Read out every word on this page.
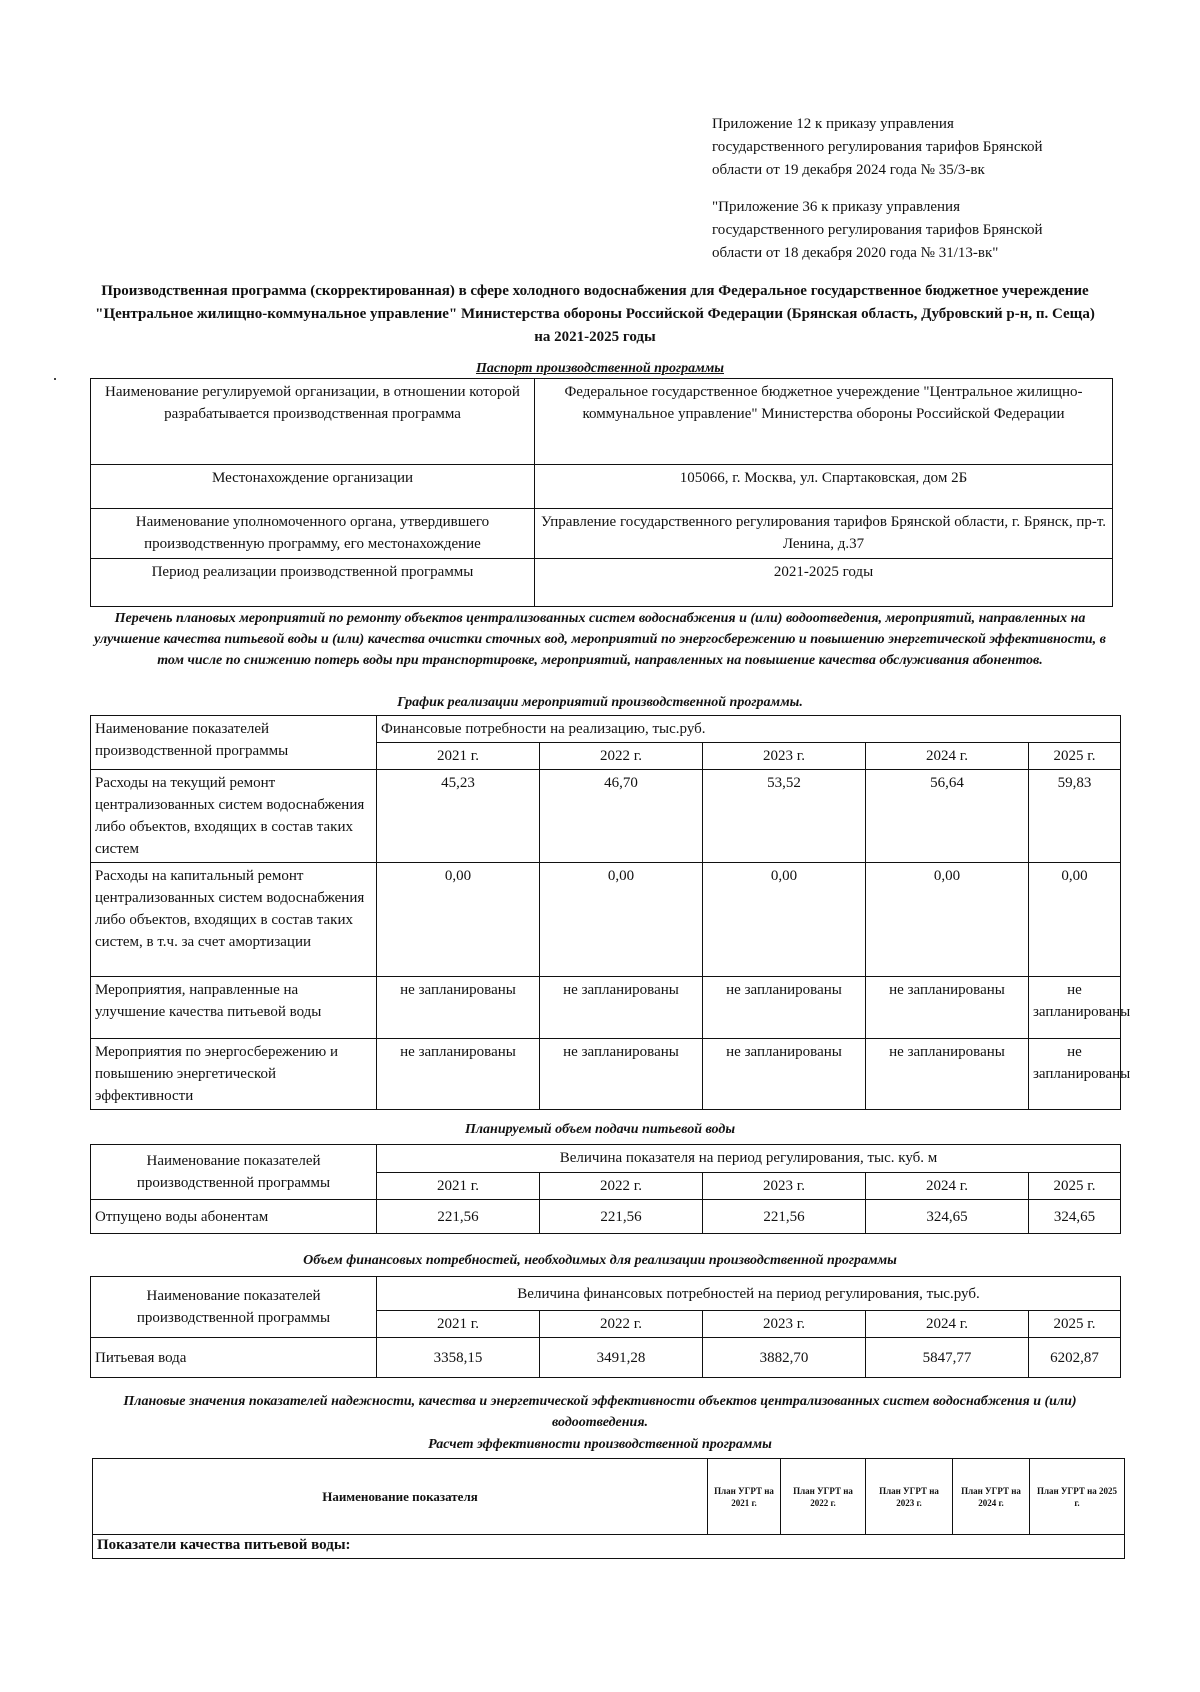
Приложение 12 к приказу управления
государственного регулирования тарифов Брянской
области от 19 декабря 2024 года № 35/3-вк
"Приложение 36 к приказу управления
государственного регулирования тарифов Брянской
области от 18 декабря 2020 года № 31/13-вк"
Производственная программа (скорректированная) в сфере холодного водоснабжения для Федеральное государственное бюджетное учереждение "Центральное жилищно-коммунальное управление" Министерства обороны Российской Федерации (Брянская область, Дубровский р-н, п. Сеща) на 2021-2025 годы
Паспорт производственной программы
Наименование регулируемой организации, в отношении которой разрабатывается производственная программа	Федеральное государственное бюджетное учереждение "Центральное жилищно-коммунальное управление" Министерства обороны Российской Федерации
Местонахождение организации	105066, г. Москва, ул. Спартаковская, дом 2Б
Наименование уполномоченного органа, утвердившего производственную программу, его местонахождение	Управление государственного регулирования тарифов Брянской области, г. Брянск, пр-т. Ленина, д.37
Период реализации производственной программы	2021-2025 годы
Перечень плановых мероприятий по ремонту объектов централизованных систем водоснабжения и (или) водоотведения, мероприятий, направленных на улучшение качества питьевой воды и (или) качества очистки сточных вод, мероприятий по энергосбережению и повышению энергетической эффективности, в том числе по снижению потерь воды при транспортировке, мероприятий, направленных на повышение качества обслуживания абонентов.
График реализации мероприятий производственной программы.
Наименование показателей производственной программы	Финансовые потребности на реализацию, тыс.руб.				
	2021 г.	2022 г.	2023 г.	2024 г.	2025 г.
Расходы на текущий ремонт централизованных систем водоснабжения либо объектов, входящих в состав таких систем	45,23	46,70	53,52	56,64	59,83
Расходы на капитальный ремонт централизованных систем водоснабжения либо объектов, входящих в состав таких систем, в т.ч. за счет амортизации	0,00	0,00	0,00	0,00	0,00
Мероприятия, направленные на улучшение качества питьевой воды	не запланированы	не запланированы	не запланированы	не запланированы	не запланированы
Мероприятия по энергосбережению и повышению энергетической эффективности	не запланированы	не запланированы	не запланированы	не запланированы	не запланированы
Планируемый объем подачи питьевой воды
Наименование показателей производственной программы	Величина показателя на период регулирования, тыс. куб. м				
	2021 г.	2022 г.	2023 г.	2024 г.	2025 г.
Отпущено воды абонентам	221,56	221,56	221,56	324,65	324,65
Объем финансовых потребностей, необходимых для реализации производственной программы
Наименование показателей производственной программы	Величина финансовых потребностей на период регулирования, тыс.руб.				
	2021 г.	2022 г.	2023 г.	2024 г.	2025 г.
Питьевая вода	3358,15	3491,28	3882,70	5847,77	6202,87
Плановые значения показателей надежности, качества и энергетической эффективности объектов централизованных систем водоснабжения и (или) водоотведения.
Расчет эффективности производственной программы
Наименование показателя	План УГРТ на 2021 г.	План УГРТ на 2022 г.	План УГРТ на 2023 г.	План УГРТ на 2024 г.	План УГРТ на 2025 г.
Показатели качества питьевой воды:
